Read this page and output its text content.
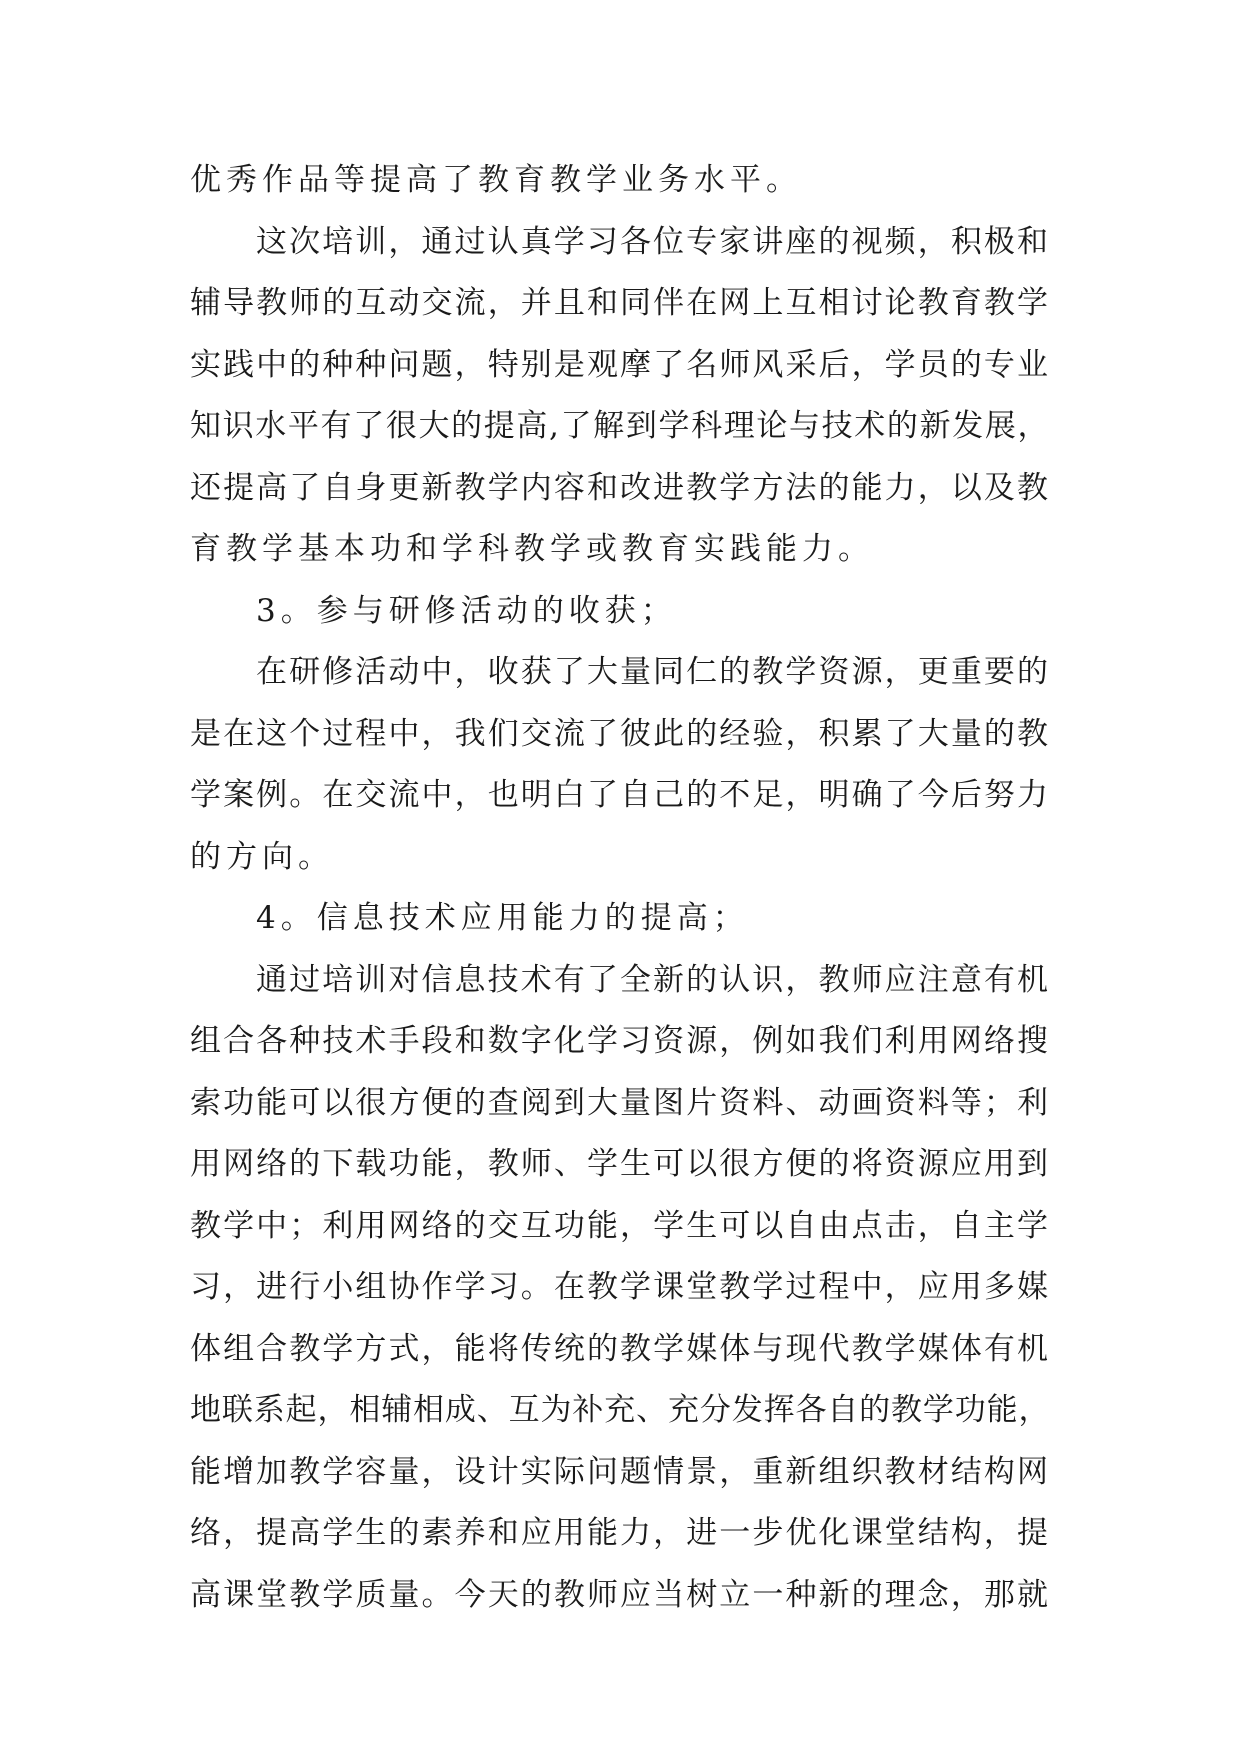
优秀作品等提高了教育教学业务水平。
这次培训，通过认真学习各位专家讲座的视频，积极和
辅导教师的互动交流，并且和同伴在网上互相讨论教育教学
实践中的种种问题，特别是观摩了名师风采后，学员的专业
知识水平有了很大的提高,了解到学科理论与技术的新发展，
还提高了自身更新教学内容和改进教学方法的能力，以及教
育教学基本功和学科教学或教育实践能力。
3。参与研修活动的收获；
在研修活动中，收获了大量同仁的教学资源，更重要的
是在这个过程中，我们交流了彼此的经验，积累了大量的教
学案例。在交流中，也明白了自己的不足，明确了今后努力
的方向。
4。信息技术应用能力的提高；
通过培训对信息技术有了全新的认识，教师应注意有机
组合各种技术手段和数字化学习资源，例如我们利用网络搜
索功能可以很方便的查阅到大量图片资料、动画资料等；利
用网络的下载功能，教师、学生可以很方便的将资源应用到
教学中；利用网络的交互功能，学生可以自由点击，自主学
习，进行小组协作学习。在教学课堂教学过程中，应用多媒
体组合教学方式，能将传统的教学媒体与现代教学媒体有机
地联系起，相辅相成、互为补充、充分发挥各自的教学功能，
能增加教学容量，设计实际问题情景，重新组织教材结构网
络，提高学生的素养和应用能力，进一步优化课堂结构，提
高课堂教学质量。今天的教师应当树立一种新的理念，那就
